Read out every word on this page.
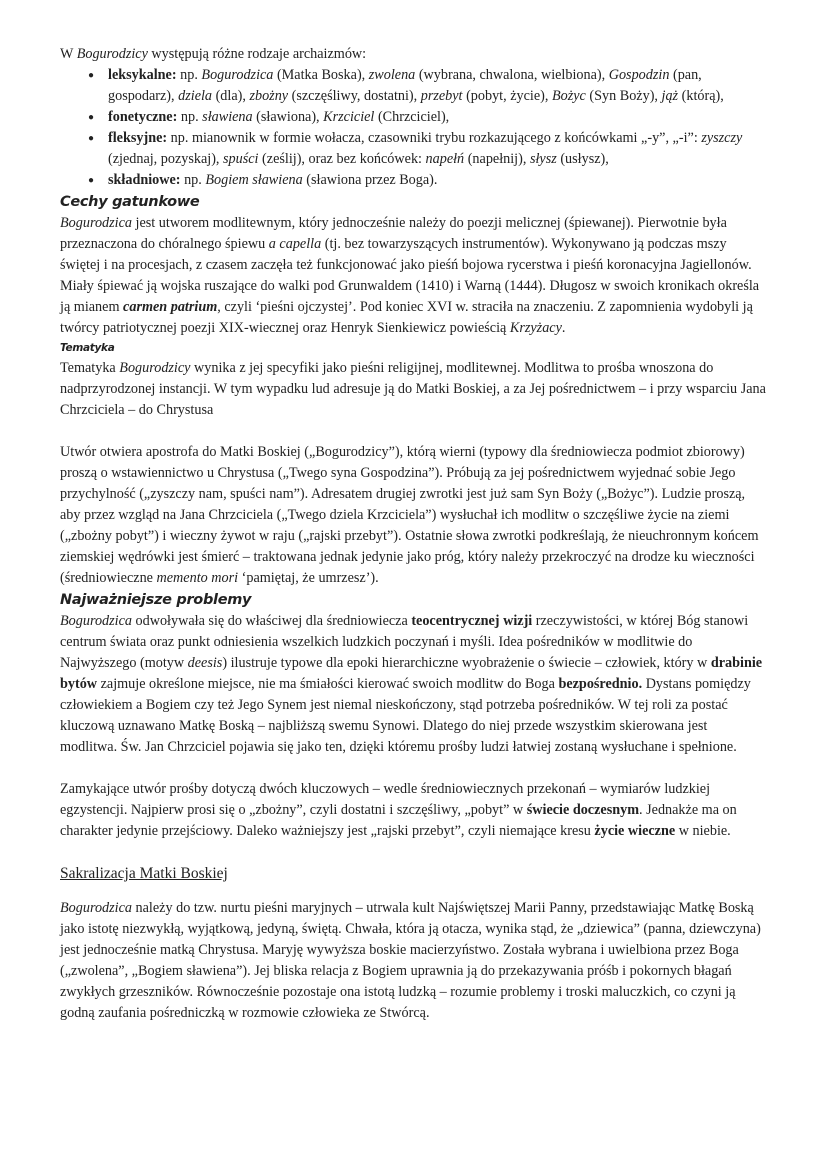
W Bogurodzicy występują różne rodzaje archaizmów:

● leksykalne: np. Bogurodzica (Matka Boska), zwolena (wybrana, chwalona, wielbiona), Gospodzin (pan, gospodarz), dziela (dla), zbożny (szczęśliwy, dostatni), przebyt (pobyt, życie), Bożyc (Syn Boży), jąż (którą),
● fonetyczne: np. sławiena (sławiona), Krzciciel (Chrzciciel),
● fleksyjne: np. mianownik w formie wołacza, czasowniki trybu rozkazującego z końcówkami „-y”, „-i”: zyszczy (zjednaj, pozyskaj), spuści (ześlij), oraz bez końcówek: napełń (napełnij), słysz (usłysz),
● składniowe: np. Bogiem sławiena (sławiona przez Boga).
Cechy gatunkowe

Bogurodzica jest utworem modlitewnym, który jednocześnie należy do poezji melicznej (śpiewanej). Pierwotnie była przeznaczona do chóralnego śpiewu a capella (tj. bez towarzyszących instrumentów). Wykonywano ją podczas mszy świętej i na procesjach, z czasem zaczęła też funkcjonować jako pieśń bojowa rycerstwa i pieśń koronacyjna Jagiellonów. Miały śpiewać ją wojska ruszające do walki pod Grunwaldem (1410) i Warną (1444). Długosz w swoich kronikach określa ją mianem carmen patrium, czyli ‘pieśni ojczystej’. Pod koniec XVI w. straciła na znaczeniu. Z zapomnienia wydobyli ją twórcy patriotycznej poezji XIX-wiecznej oraz Henryk Sienkiewicz powieścią Krzyżacy.

Tematyka

Tematyka Bogurodzicy wynika z jej specyfiki jako pieśni religijnej, modlitewnej. Modlitwa to prośba wnoszona do nadprzyrodzonej instancji. W tym wypadku lud adresuje ją do Matki Boskiej, a za Jej pośrednictwem – i przy wsparciu Jana Chrzciciela – do Chrystusa

Utwór otwiera apostrofa do Matki Boskiej („Bogurodzicy”), którą wierni (typowy dla średniowiecza podmiot zbiorowy) proszą o wstawiennictwo u Chrystusa („Twego syna Gospodzina”). Próbują za jej pośrednictwem wyjednać sobie Jego przychylność („zyszczy nam, spuści nam”). Adresatem drugiej zwrotki jest już sam Syn Boży („Bożyc”). Ludzie proszą, aby przez wzgląd na Jana Chrzciciela („Twego dziela Krzciciela”) wysłuchał ich modlitw o szczęśliwe życie na ziemi („zbożny pobyt”) i wieczny żywot w raju („rajski przebyt”). Ostatnie słowa zwrotki podkreślają, że nieuchronnym końcem ziemskiej wędrówki jest śmierć – traktowana jednak jedynie jako próg, który należy przekroczyć na drodze ku wieczności (średniowieczne memento mori ‘pamiętaj, że umrzesz’).

Najważniejsze problemy

Bogurodzica odwoływała się do właściwej dla średniowiecza teocentrycznej wizji rzeczywistości, w której Bóg stanowi centrum świata oraz punkt odniesienia wszelkich ludzkich poczynań i myśli. Idea pośredników w modlitwie do Najwyższego (motyw deesis) ilustruje typowe dla epoki hierarchiczne wyobrażenie o świecie – człowiek, który w drabinie bytów zajmuje określone miejsce, nie ma śmiałości kierować swoich modlitw do Boga bezpośrednio. Dystans pomiędzy człowiekiem a Bogiem czy też Jego Synem jest niemal nieskończony, stąd potrzeba pośredników. W tej roli za postać kluczową uznawano Matkę Boską – najbliższą swemu Synowi. Dlatego do niej przede wszystkim skierowana jest modlitwa. Św. Jan Chrzciciel pojawia się jako ten, dzięki któremu prośby ludzi łatwiej zostaną wysłuchane i spełnione.

Zamykające utwór prośby dotyczą dwóch kluczowych – wedle średniowiecznych przekonań – wymiarów ludzkiej egzystencji. Najpierw prosi się o „zbożny”, czyli dostatni i szczęśliwy, „pobyt” w świecie doczesnym. Jednakże ma on charakter jedynie przejściowy. Daleko ważniejszy jest „rajski przebyt”, czyli niemające kresu życie wieczne w niebie.

Sakralizacja Matki Boskiej

Bogurodzica należy do tzw. nurtu pieśni maryjnych – utrwala kult Najświętszej Marii Panny, przedstawiając Matkę Boską jako istotę niezwykłą, wyjątkową, jedyną, świętą. Chwała, która ją otacza, wynika stąd, że „dziewica” (panna, dziewczyna) jest jednocześnie matką Chrystusa. Maryję wywyższa boskie macierzyństwo. Została wybrana i uwielbiona przez Boga („zwolena”, „Bogiem sławiena”). Jej bliska relacja z Bogiem uprawnia ją do przekazywania próśb i pokornych błagań zwykłych grzeszników. Równocześnie pozostaje ona istotą ludzką – rozumie problemy i troski maluczkich, co czyni ją godną zaufania pośredniczką w rozmowie człowieka ze Stwórcą.
